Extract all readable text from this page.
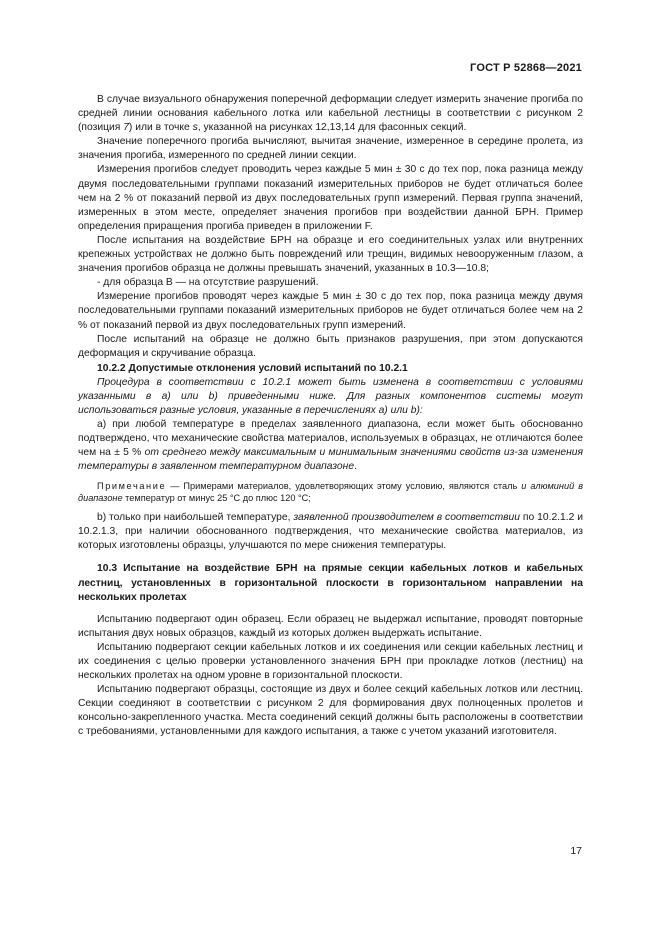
ГОСТ Р 52868—2021

В случае визуального обнаружения поперечной деформации следует измерить значение прогиба по средней линии основания кабельного лотка или кабельной лестницы в соответствии с рисунком 2 (позиция 7) или в точке s, указанной на рисунках 12,13,14 для фасонных секций.

Значение поперечного прогиба вычисляют, вычитая значение, измеренное в середине пролета, из значения прогиба, измеренного по средней линии секции.

Измерения прогибов следует проводить через каждые 5 мин ± 30 с до тех пор, пока разница между двумя последовательными группами показаний измерительных приборов не будет отличаться более чем на 2 % от показаний первой из двух последовательных групп измерений. Первая группа значений, измеренных в этом месте, определяет значения прогибов при воздействии данной БРН. Пример определения приращения прогиба приведен в приложении F.

После испытания на воздействие БРН на образце и его соединительных узлах или внутренних крепежных устройствах не должно быть повреждений или трещин, видимых невооруженным глазом, а значения прогибов образца не должны превышать значений, указанных в 10.3—10.8;

- для образца B — на отсутствие разрушений.

Измерение прогибов проводят через каждые 5 мин ± 30 с до тех пор, пока разница между двумя последовательными группами показаний измерительных приборов не будет отличаться более чем на 2 % от показаний первой из двух последовательных групп измерений.

После испытаний на образце не должно быть признаков разрушения, при этом допускаются деформация и скручивание образца.

10.2.2 Допустимые отклонения условий испытаний по 10.2.1

Процедура в соответствии с 10.2.1 может быть изменена в соответствии с условиями указанными в a) или b) приведенными ниже. Для разных компонентов системы могут использоваться разные условия, указанные в перечислениях a) или b):

a) при любой температуре в пределах заявленного диапазона, если может быть обоснованно подтверждено, что механические свойства материалов, используемых в образцах, не отличаются более чем на ± 5 % от среднего между максимальным и минимальным значениями свойств из-за изменения температуры в заявленном температурном диапазоне.

Примечание — Примерами материалов, удовлетворяющих этому условию, являются сталь и алюминий в диапазоне температур от минус 25 °С до плюс 120 °С;

b) только при наибольшей температуре, заявленной производителем в соответствии по 10.2.1.2 и 10.2.1.3, при наличии обоснованного подтверждения, что механические свойства материалов, из которых изготовлены образцы, улучшаются по мере снижения температуры.

10.3 Испытание на воздействие БРН на прямые секции кабельных лотков и кабельных лестниц, установленных в горизонтальной плоскости в горизонтальном направлении на нескольких пролетах

Испытанию подвергают один образец. Если образец не выдержал испытание, проводят повторные испытания двух новых образцов, каждый из которых должен выдержать испытание.

Испытанию подвергают секции кабельных лотков и их соединения или секции кабельных лестниц и их соединения с целью проверки установленного значения БРН при прокладке лотков (лестниц) на нескольких пролетах на одном уровне в горизонтальной плоскости.

Испытанию подвергают образцы, состоящие из двух и более секций кабельных лотков или лестниц. Секции соединяют в соответствии с рисунком 2 для формирования двух полноценных пролетов и консольно-закрепленного участка. Места соединений секций должны быть расположены в соответствии с требованиями, установленными для каждого испытания, а также с учетом указаний изготовителя.

17
